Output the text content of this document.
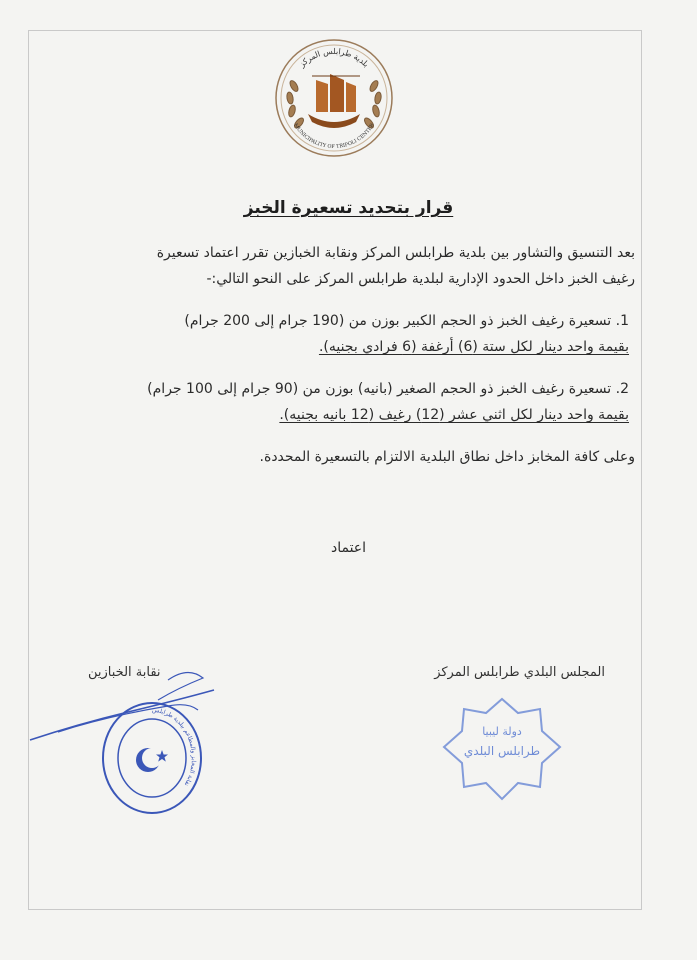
بلدية طرابلس المركز
MUNICIPALITY OF TRIPOLI CENTER
قرار بتحديد تسعيرة الخبز
بعد التنسيق والتشاور بين بلدية طرابلس المركز ونقابة الخبازين تقرر اعتماد تسعيرة
رغيف الخبز داخل الحدود الإدارية لبلدية طرابلس المركز على النحو التالي:-
1. تسعيرة رغيف الخبز ذو الحجم الكبير بوزن من (190 جرام إلى 200 جرام)
بقيمة واحد دينار لكل ستة (6) أرغفة (6 فرادي بجنيه).
2. تسعيرة رغيف الخبز ذو الحجم الصغير (بانيه) بوزن من (90 جرام إلى 100 جرام)
بقيمة واحد دينار لكل اثني عشر (12) رغيف (12 بانيه بجنيه).
وعلى كافة المخابز داخل نطاق البلدية الالتزام بالتسعيرة المحددة.
اعتماد
المجلس البلدي طرابلس المركز
نقابة الخبازين
نقابة المخابز والمطاعم ببلدية طرابلس
دولة ليبيا
طرابلس البلدي
